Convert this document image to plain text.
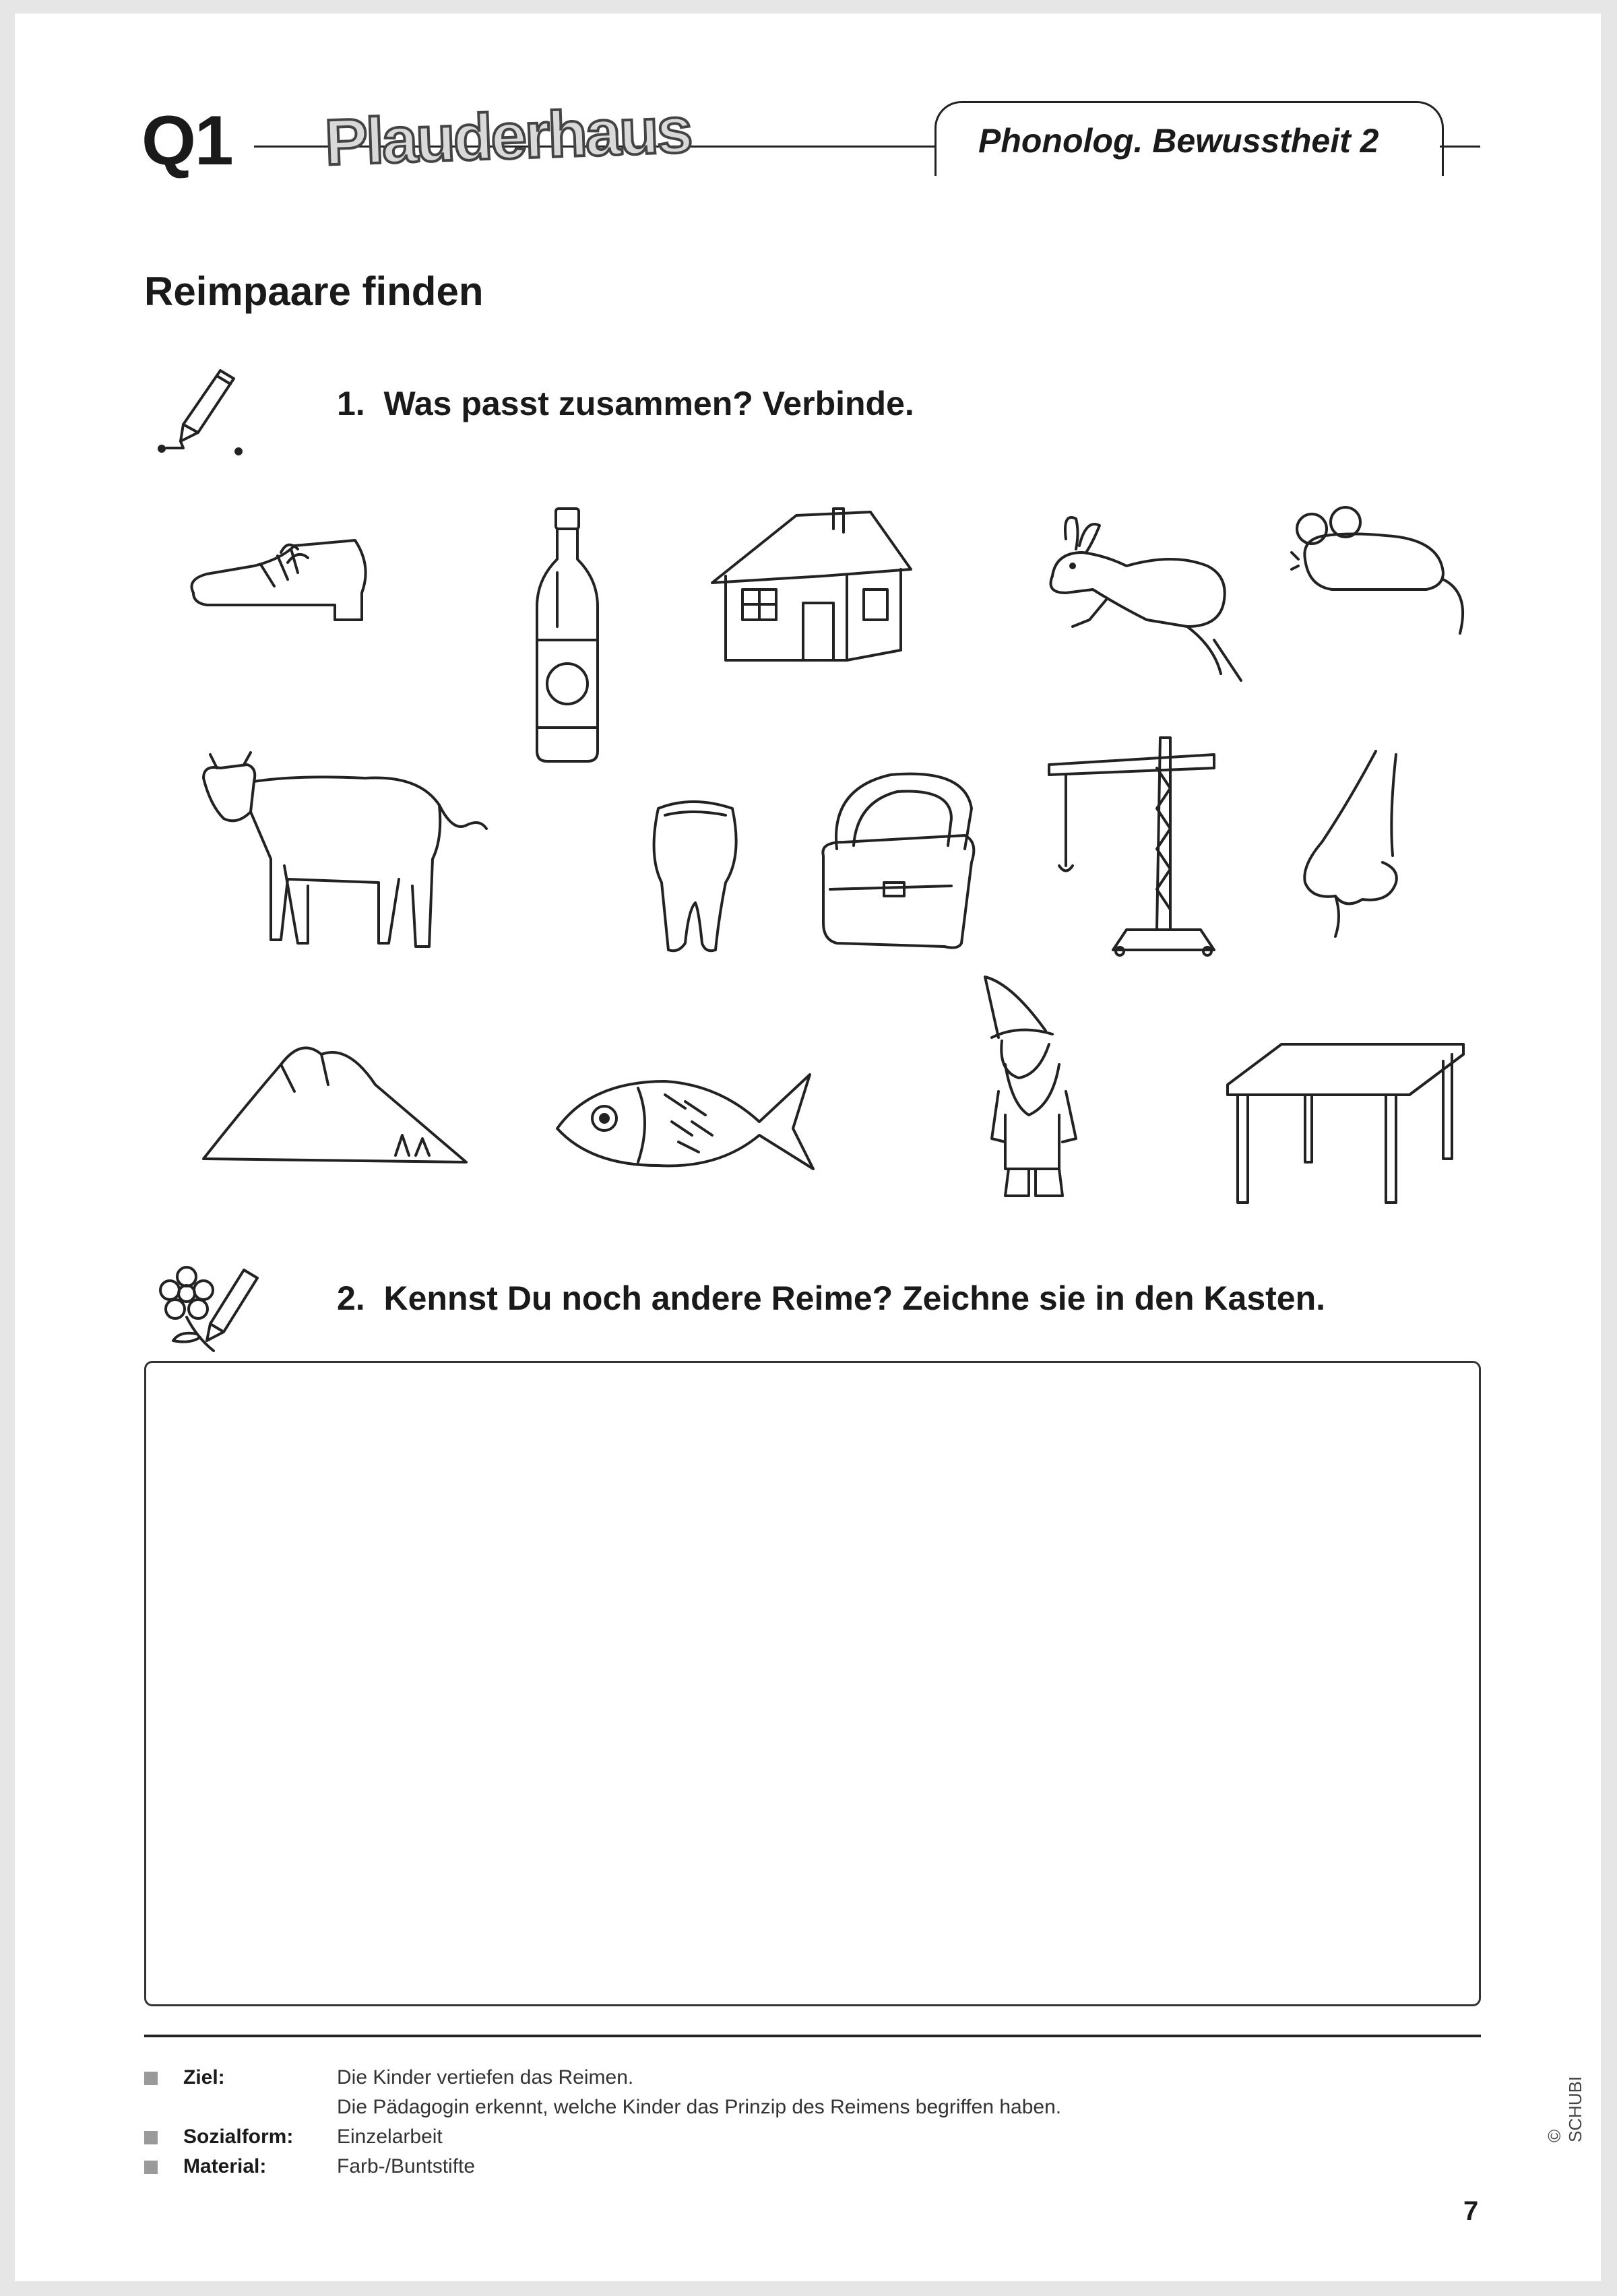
Q1 Plauderhaus	Phonolog. Bewusstheit 2
Reimpaare finden
1. Was passt zusammen? Verbinde.
2. Kennst Du noch andere Reime? Zeichne sie in den Kasten.
Ziel:	Die Kinder vertiefen das Reimen.
Die Pädagogin erkennt, welche Kinder das Prinzip des Reimens begriffen haben.
Sozialform: Einzelarbeit
Material:	Farb-/Buntstifte
© SCHUBI
7
